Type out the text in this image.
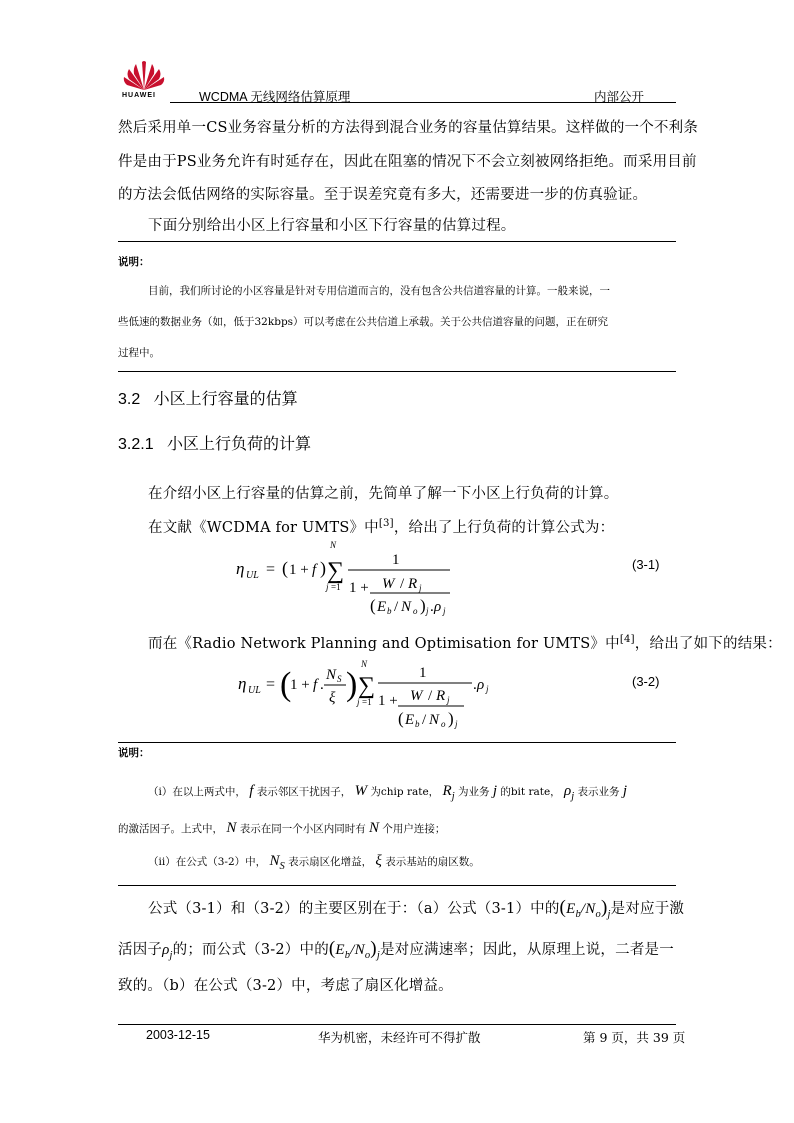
HUAWEI	WCDMA 无线网络估算原理	内部公开
然后采用单一CS业务容量分析的方法得到混合业务的容量估算结果。这样做的一个不利条
件是由于PS业务允许有时延存在，因此在阻塞的情况下不会立刻被网络拒绝。而采用目前
的方法会低估网络的实际容量。至于误差究竟有多大，还需要进一步的仿真验证。
下面分别给出小区上行容量和小区下行容量的估算过程。
说明：
目前，我们所讨论的小区容量是针对专用信道而言的，没有包含公共信道容量的计算。一般来说，一
些低速的数据业务（如，低于32kbps）可以考虑在公共信道上承载。关于公共信道容量的问题，正在研究
过程中。
3.2 小区上行容量的估算
3.2.1 小区上行负荷的计算
在介绍小区上行容量的估算之前，先简单了解一下小区上行负荷的计算。
在文献《WCDMA for UMTS》中[3]，给出了上行负荷的计算公式为：
η UL = ( 1 + f ) ∑
N
j =1
1
1 + W / R j
( E b / N o ) j . ρ j
(3-1)
而在《Radio Network Planning and Optimisation for UMTS》中[4]，给出了如下的结果：
η UL = (
1 + f .
N S
ξ ) ∑
N
j =1
1
1 + W / R j
( E b / N o ) j
. ρ j	(3-2)
说明：
（i）在以上两式中， f 表示邻区干扰因子， W 为chip rate， $R_j$ 为业务 j 的bit rate， $\rho_j$ 表示业务 j
的激活因子。上式中， N 表示在同一个小区内同时有 N 个用户连接；
（ii）在公式（3-2）中， $N_S$ 表示扇区化增益， ξ 表示基站的扇区数。
公式（3-1）和（3-2）的主要区别在于：（a）公式（3-1）中的$(E_b/N_o)_j$是对应于激
活因子$\rho_j$的；而公式（3-2）中的$(E_b/N_o)_j$是对应满速率；因此，从原理上说，二者是一
致的。（b）在公式（3-2）中，考虑了扇区化增益。
2003-12-15	华为机密，未经许可不得扩散	第 9 页，共 39 页
